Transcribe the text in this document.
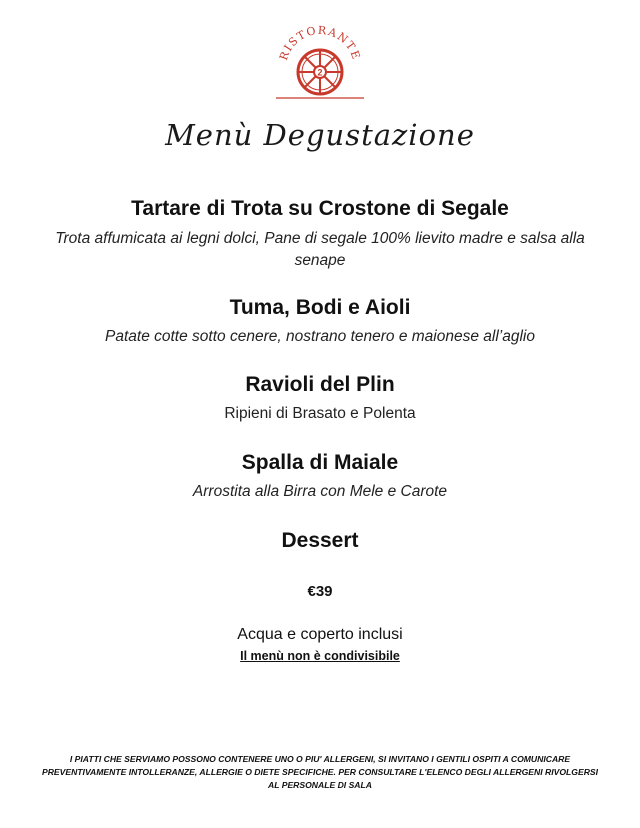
RISTORANTE
2
Menù Degustazione
Tartare di Trota su Crostone di Segale
Trota affumicata ai legni dolci, Pane di segale 100% lievito madre e salsa alla senape
Tuma, Bodi e Aioli
Patate cotte sotto cenere, nostrano tenero e maionese all’aglio
Ravioli del Plin
Ripieni di Brasato e Polenta
Spalla di Maiale
Arrostita alla Birra con Mele e Carote
Dessert
€39
Acqua e coperto inclusi
Il menù non è condivisibile
I PIATTI CHE SERVIAMO POSSONO CONTENERE UNO O PIU' ALLERGENI, SI INVITANO I GENTILI OSPITI A COMUNICARE PREVENTIVAMENTE INTOLLERANZE, ALLERGIE O DIETE SPECIFICHE. PER CONSULTARE L'ELENCO DEGLI ALLERGENI RIVOLGERSI AL PERSONALE DI SALA
